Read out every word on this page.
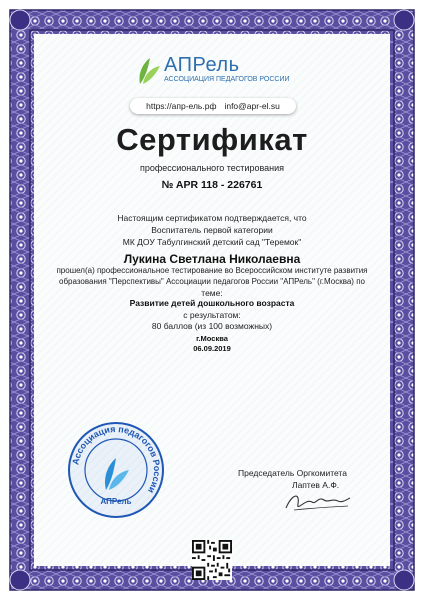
АПРель
АССОЦИАЦИЯ ПЕДАГОГОВ РОССИИ
https://апр-ель.рф info@apr-el.su
Сертификат
профессионального тестирования
№ APR 118 - 226761
Настоящим сертификатом подтверждается, что
Воспитатель первой категории
МК ДОУ Табулгинский детский сад "Теремок"
Лукина Светлана Николаевна
прошел(а) профессиональное тестирование во Всероссийском институте развития
образования "Перспективы" Ассоциации педагогов России "АПРель" (г.Москва) по
теме:
Развитие детей дошкольного возраста
с результатом:
80 баллов (из 100 возможных)
г.Москва
06.09.2019
Ассоциация педагогов России
АПРель
Председатель Оргкомитета
Лаптев А.Ф.
